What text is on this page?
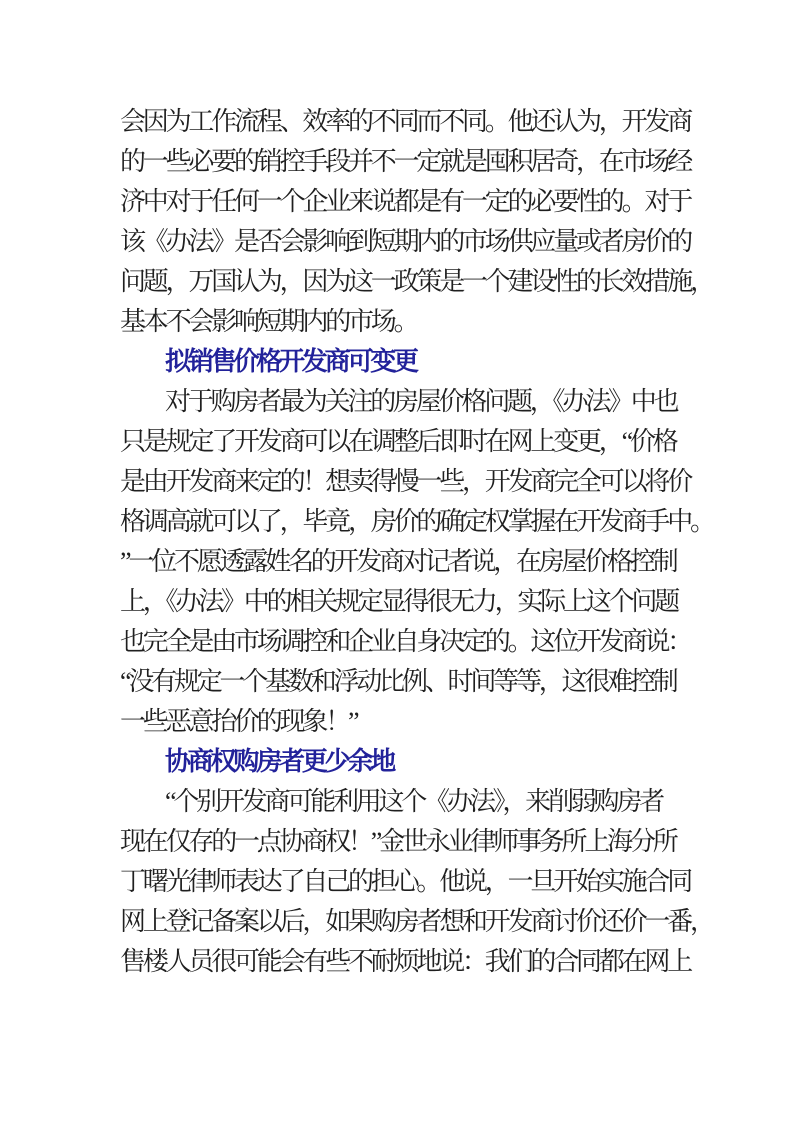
会因为工作流程、效率的不同而不同。他还认为，开发商
的一些必要的销控手段并不一定就是囤积居奇，在市场经
济中对于任何一个企业来说都是有一定的必要性的。对于
该《办法》是否会影响到短期内的市场供应量或者房价的
问题，万国认为，因为这一政策是一个建设性的长效措施，
基本不会影响短期内的市场。
拟销售价格开发商可变更
对于购房者最为关注的房屋价格问题，《办法》中也
只是规定了开发商可以在调整后即时在网上变更，“价格
是由开发商来定的！想卖得慢一些，开发商完全可以将价
格调高就可以了，毕竟，房价的确定权掌握在开发商手中。
”一位不愿透露姓名的开发商对记者说，在房屋价格控制
上，《办法》中的相关规定显得很无力，实际上这个问题
也完全是由市场调控和企业自身决定的。这位开发商说：
“没有规定一个基数和浮动比例、时间等等，这很难控制
一些恶意抬价的现象！”
协商权购房者更少余地
“个别开发商可能利用这个《办法》，来削弱购房者
现在仅存的一点协商权！”金世永业律师事务所上海分所
丁曙光律师表达了自己的担心。他说，一旦开始实施合同
网上登记备案以后，如果购房者想和开发商讨价还价一番，
售楼人员很可能会有些不耐烦地说：我们的合同都在网上
